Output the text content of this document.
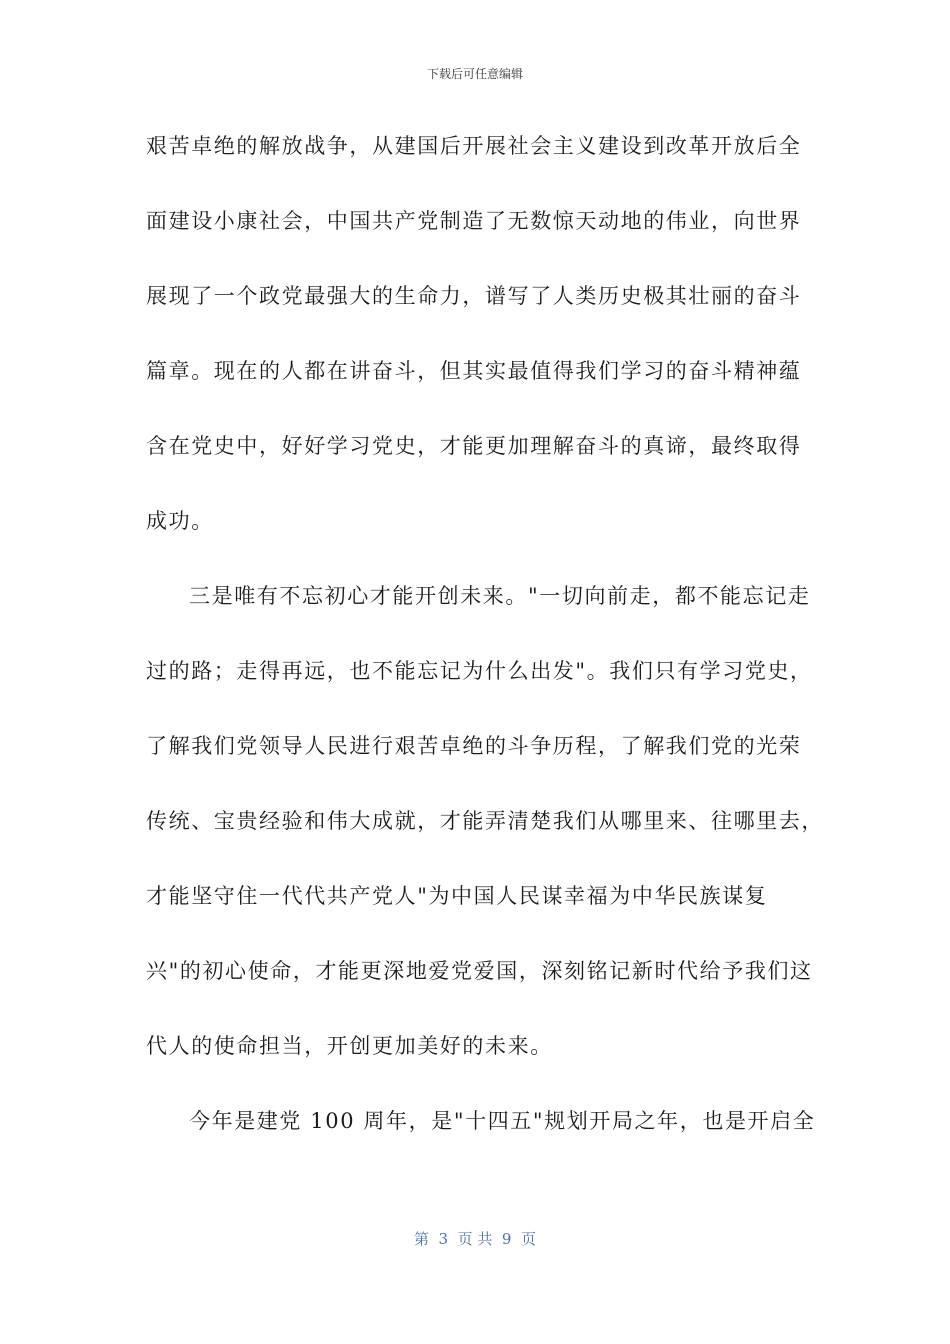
下载后可任意编辑
艰苦卓绝的解放战争，从建国后开展社会主义建设到改革开放后全
面建设小康社会，中国共产党制造了无数惊天动地的伟业，向世界
展现了一个政党最强大的生命力，谱写了人类历史极其壮丽的奋斗
篇章。现在的人都在讲奋斗，但其实最值得我们学习的奋斗精神蕴
含在党史中，好好学习党史，才能更加理解奋斗的真谛，最终取得
成功。
三是唯有不忘初心才能开创未来。"一切向前走，都不能忘记走
过的路；走得再远，也不能忘记为什么出发"。我们只有学习党史，
了解我们党领导人民进行艰苦卓绝的斗争历程，了解我们党的光荣
传统、宝贵经验和伟大成就，才能弄清楚我们从哪里来、往哪里去，
才能坚守住一代代共产党人"为中国人民谋幸福为中华民族谋复
兴"的初心使命，才能更深地爱党爱国，深刻铭记新时代给予我们这
代人的使命担当，开创更加美好的未来。
今年是建党 100 周年，是"十四五"规划开局之年，也是开启全
第  3  页 共  9  页
